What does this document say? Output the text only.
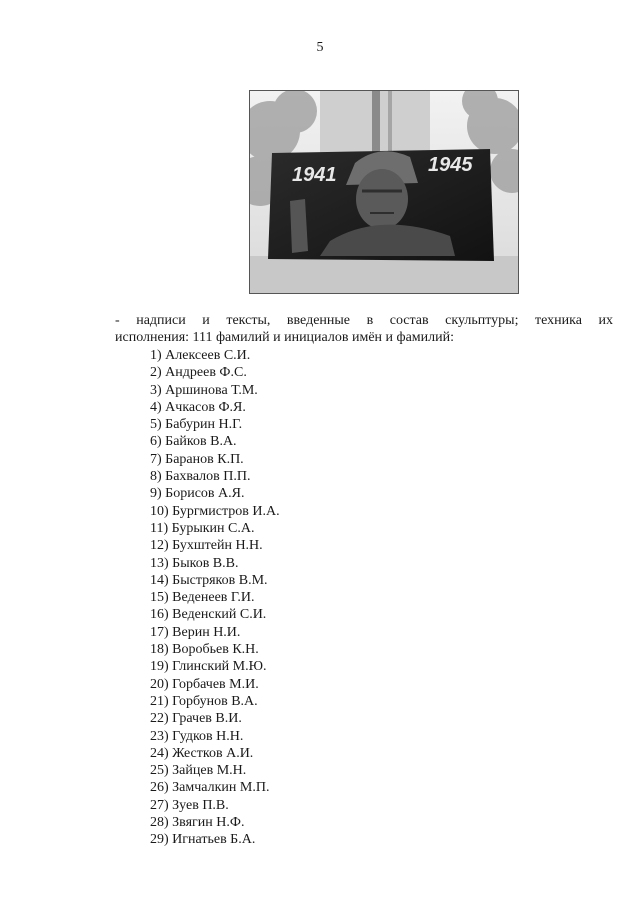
5
1941	1945

- надписи и тексты, введенные в состав скульптуры; техника их
исполнения: 111 фамилий и инициалов имён и фамилий:

1) Алексеев С.И.
2) Андреев Ф.С.
3) Аршинова Т.М.
4) Ачкасов Ф.Я.
5) Бабурин Н.Г.
6) Байков В.А.
7) Баранов К.П.
8) Бахвалов П.П.
9) Борисов А.Я.
10) Бургмистров И.А.
11) Бурыкин С.А.
12) Бухштейн Н.Н.
13) Быков В.В.
14) Быстряков В.М.
15) Веденеев Г.И.
16) Веденский С.И.
17) Верин Н.И.
18) Воробьев К.Н.
19) Глинский М.Ю.
20) Горбачев М.И.
21) Горбунов В.А.
22) Грачев В.И.
23) Гудков Н.Н.
24) Жестков А.И.
25) Зайцев М.Н.
26) Замчалкин М.П.
27) Зуев П.В.
28) Звягин Н.Ф.
29) Игнатьев Б.А.
